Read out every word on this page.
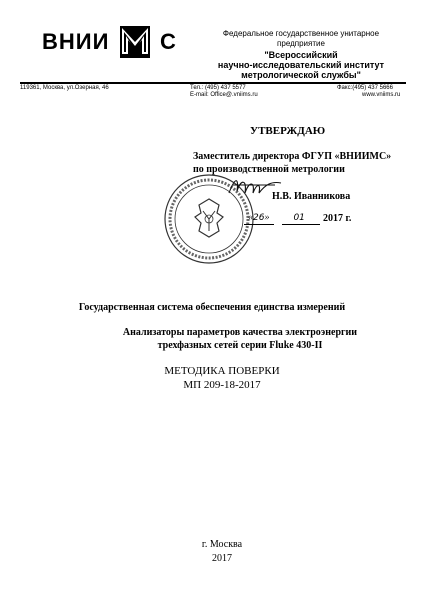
ВНИИ С	Федеральное государственное унитарное
предприятие
"Всероссийский
научно-исследовательский институт
метрологической службы"
119361, Москва, ул.Озерная, 46	Тел.: (495) 437 5577
E-mail: Office@.vniims.ru
Факс:(495) 437 5666
www.vniims.ru
УТВЕРЖДАЮ
Заместитель директора ФГУП «ВНИИМС»
по производственной метрологии
Н.В. Иванникова
«26»	01 2017 г.
Государственная система обеспечения единства измерений
Анализаторы параметров качества электроэнергии
трехфазных сетей серии Fluke 430-II
МЕТОДИКА ПОВЕРКИ
МП 209-18-2017
г. Москва
2017
